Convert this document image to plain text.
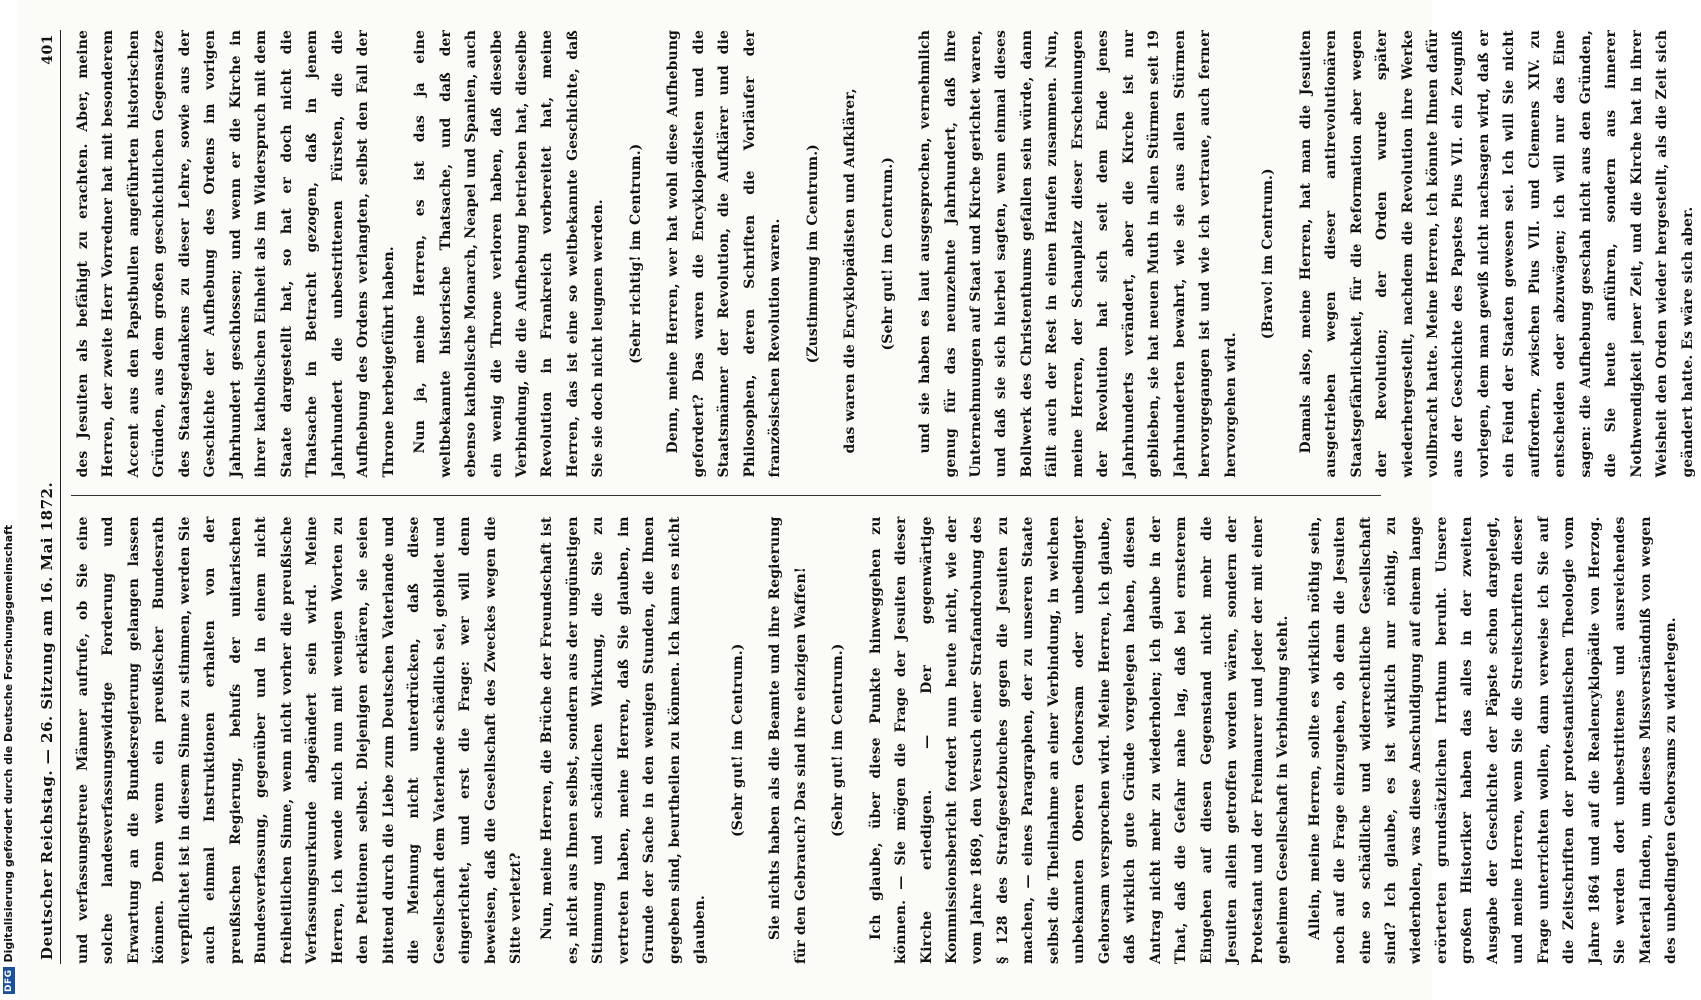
Deutscher Reichstag. — 26. Sitzung am 16. Mai 1872.
401

und verfassungstreue Männer aufrufe, ob Sie eine solche landesverfassungswidrige Forderung und Erwartung an die Bundesregierung gelangen lassen können. Denn wenn ein preußischer Bundesrath verpflichtet ist in diesem Sinne zu stimmen, werden Sie auch einmal Instruktionen erhalten von der preußischen Regierung, behufs der unitarischen Bundesverfassung, gegenüber und in einem nicht freiheitlichen Sinne, wenn nicht vorher die preußische Verfassungsurkunde abgeändert sein wird. Meine Herren, ich wende mich nun mit wenigen Worten zu den Petitionen selbst. Diejenigen erklären, sie seien bittend durch die Liebe zum Deutschen Vaterlande und die Meinung nicht unterdrücken, daß diese Gesellschaft dem Vaterlande schädlich sei, gebildet und eingerichtet, und erst die Frage: wer will denn beweisen, daß die Gesellschaft des Zweckes wegen die Sitte verletzt?	Nun, meine Herren, die Brüche der Freundschaft ist es, nicht aus Ihnen selbst, sondern aus der ungünstigen Stimmung und schädlichen Wirkung, die Sie zu vertreten haben, meine Herren, daß Sie glauben, im Grunde der Sache in den wenigen Stunden, die Ihnen gegeben sind, beurtheilen zu können. Ich kann es nicht glauben.

(Sehr gut! im Centrum.)	Sie nichts haben als die Beamte und ihre Regierung für den Gebrauch? Das sind ihre einzigen Waffen!	(Sehr gut! im Centrum.)	Ich glaube, über diese Punkte hinweggehen zu können. — Sie mögen die Frage der Jesuiten dieser Kirche erledigen. — Der gegenwärtige Kommissionsbericht fordert nun heute nicht, wie der vom Jahre 1869, den Versuch einer Strafandrohung des § 128 des Strafgesetzbuches gegen die Jesuiten zu machen, — eines Paragraphen, der zu unseren Staate selbst die Theilnahme an einer Verbindung, in welchen unbekannten Oberen Gehorsam oder unbedingter Gehorsam versprochen wird. Meine Herren, ich glaube, daß wirklich gute Gründe vorgelegen haben, diesen Antrag nicht mehr zu wiederholen; ich glaube in der That, daß die Gefahr nahe lag, daß bei ernsterem Eingehen auf diesen Gegenstand nicht mehr die Jesuiten allein getroffen worden wären, sondern der Protestant und der Freimaurer und jeder der mit einer geheimen Gesellschaft in Verbindung steht.	Allein, meine Herren, sollte es wirklich nöthig sein, noch auf die Frage einzugehen, ob denn die Jesuiten eine so schädliche und widerrechtliche Gesellschaft sind? Ich glaube, es ist wirklich nur nöthig, zu wiederholen, was diese Anschuldigung auf einem lange erörterten grundsätzlichen Irrthum beruht. Unsere großen Historiker haben das alles in der zweiten Ausgabe der Geschichte der Päpste schon dargelegt, und meine Herren, wenn Sie die Streitschriften dieser Frage unterrichten wollen, dann verweise ich Sie auf die Zeitschriften der protestantischen Theologie vom Jahre 1864 und auf die Realencyklopädie von Herzog. Sie werden dort unbestrittenes und ausreichendes Material finden, um dieses Missverständniß von wegen des unbedingten Gehorsams zu widerlegen.

des Jesuiten als befähigt zu erachten. Aber, meine Herren, der zweite Herr Vorredner hat mit besonderem Accent aus den Papstbullen angeführten historischen Gründen, aus dem großen geschichtlichen Gegensatze des Staatsgedankens zu dieser Lehre, sowie aus der Geschichte der Aufhebung des Ordens im vorigen Jahrhundert geschlossen; und wenn er die Kirche in ihrer katholischen Einheit als im Widerspruch mit dem Staate dargestellt hat, so hat er doch nicht die Thatsache in Betracht gezogen, daß in jenem Jahrhundert die unbestrittenen Fürsten, die die Aufhebung des Ordens verlangten, selbst den Fall der Throne herbeigeführt haben.	Nun ja, meine Herren, es ist das ja eine weltbekannte historische Thatsache, und daß der ebenso katholische Monarch, Neapel und Spanien, auch ein wenig die Throne verloren haben, daß dieselbe Verbindung, die die Aufhebung betrieben hat, dieselbe Revolution in Frankreich vorbereitet hat, meine Herren, das ist eine so weltbekannte Geschichte, daß Sie sie doch nicht leugnen werden.	(Sehr richtig! im Centrum.)	Denn, meine Herren, wer hat wohl diese Aufhebung gefordert? Das waren die Encyklopädisten und die Staatsmänner der Revolution, die Aufklärer und die Philosophen, deren Schriften die Vorläufer der französischen Revolution waren.	(Zustimmung im Centrum.)	das waren die Encyklopädisten und Aufklärer,	(Sehr gut! im Centrum.)	und sie haben es laut ausgesprochen, vernehmlich genug für das neunzehnte Jahrhundert, daß ihre Unternehmungen auf Staat und Kirche gerichtet waren, und daß sie sich hierbei sagten, wenn einmal dieses Bollwerk des Christenthums gefallen sein würde, dann fällt auch der Rest in einen Haufen zusammen. Nun, meine Herren, der Schauplatz dieser Erscheinungen der Revolution hat sich seit dem Ende jenes Jahrhunderts verändert, aber die Kirche ist nur geblieben, sie hat neuen Muth in allen Stürmen seit 19 Jahrhunderten bewahrt, wie sie aus allen Stürmen hervorgegangen ist und wie ich vertraue, auch ferner hervorgehen wird.

(Bravo! im Centrum.)	Damals also, meine Herren, hat man die Jesuiten ausgetrieben wegen dieser antirevolutionären Staatsgefährlichkeit, für die Reformation aber wegen der Revolution; der Orden wurde später wiederhergestellt, nachdem die Revolution ihre Werke vollbracht hatte. Meine Herren, ich könnte Ihnen dafür aus der Geschichte des Papstes Pius VII. ein Zeugniß vorlegen, dem man gewiß nicht nachsagen wird, daß er ein Feind der Staaten gewesen sei. Ich will Sie nicht auffordern, zwischen Pius VII. und Clemens XIV. zu entscheiden oder abzuwägen; ich will nur das Eine sagen: die Aufhebung geschah nicht aus den Gründen, die Sie heute anführen, sondern aus innerer Nothwendigkeit jener Zeit, und die Kirche hat in ihrer Weisheit den Orden wieder hergestellt, als die Zeit sich geändert hatte. Es wäre sich aber.

DFG
Digitalisierung gefördert durch die Deutsche Forschungsgemeinschaft
